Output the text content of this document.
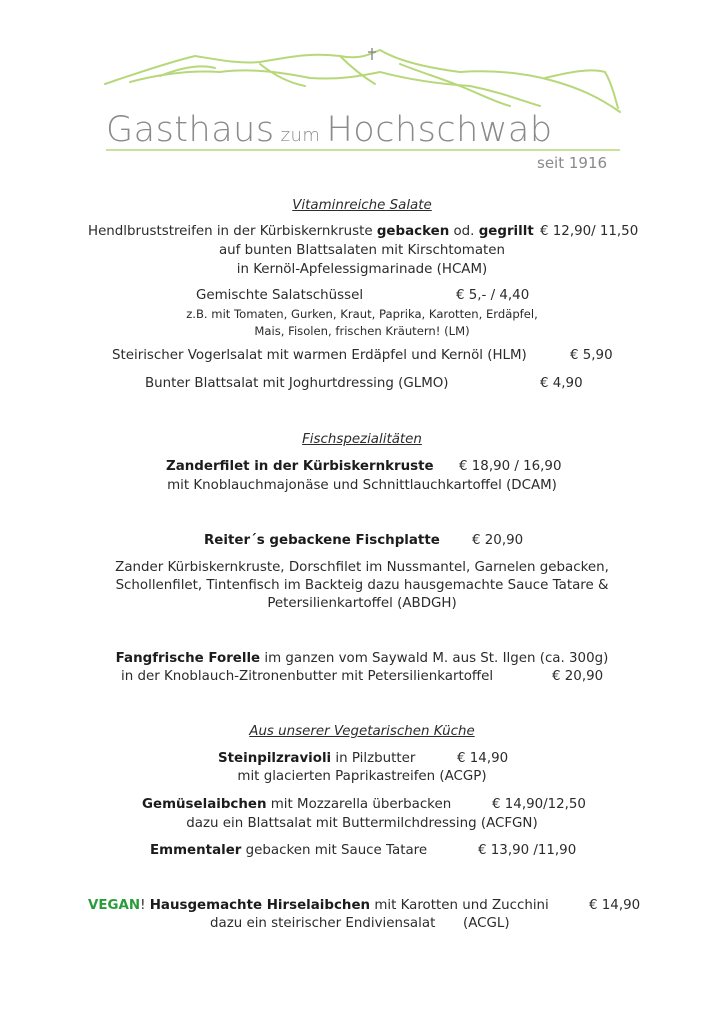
Gasthaus zum Hochschwab
seit 1916
Vitaminreiche Salate
Hendlbruststreifen in der Kürbiskernkruste gebacken od. gegrillt € 12,90/ 11,50
auf bunten Blattsalaten mit Kirschtomaten
in Kernöl-Apfelessigmarinade (HCAM)
Gemischte Salatschüssel	€ 5,- / 4,40
z.B. mit Tomaten, Gurken, Kraut, Paprika, Karotten, Erdäpfel,
Mais, Fisolen, frischen Kräutern! (LM)
Steirischer Vogerlsalat mit warmen Erdäpfel und Kernöl (HLM)	€ 5,90
Bunter Blattsalat mit Joghurtdressing (GLMO)	€ 4,90
Fischspezialitäten
Zanderfilet in der Kürbiskernkruste € 18,90 / 16,90
mit Knoblauchmajonäse und Schnittlauchkartoffel (DCAM)
Reiter´s gebackene Fischplatte € 20,90
Zander Kürbiskernkruste, Dorschfilet im Nussmantel, Garnelen gebacken,
Schollenfilet, Tintenfisch im Backteig dazu hausgemachte Sauce Tatare &
Petersilienkartoffel (ABDGH)
Fangfrische Forelle im ganzen vom Saywald M. aus St. Ilgen (ca. 300g)
in der Knoblauch-Zitronenbutter mit Petersilienkartoffel	€ 20,90
Aus unserer Vegetarischen Küche
Steinpilzravioli in Pilzbutter	€ 14,90
mit glacierten Paprikastreifen (ACGP)
Gemüselaibchen mit Mozzarella überbacken	€ 14,90/12,50
dazu ein Blattsalat mit Buttermilchdressing (ACFGN)
Emmentaler gebacken mit Sauce Tatare	€ 13,90 /11,90
VEGAN! Hausgemachte Hirselaibchen mit Karotten und Zucchini	€ 14,90
dazu ein steirischer Endiviensalat (ACGL)
